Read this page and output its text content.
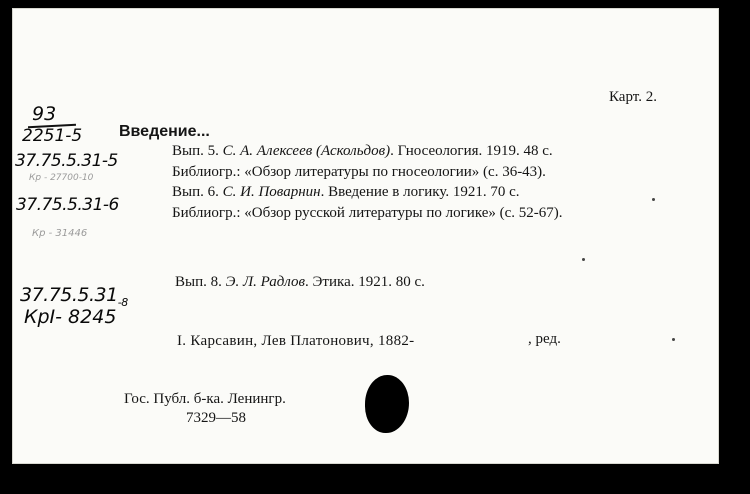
Карт. 2.
93
2251-5 Введение...
37.75.5.31-5
Кр - 27700-10
37.75.5.31-6
Кр - 31446
$37.75.5.31_{-8}$
КрI- 8245
Вып. 5. С. А. Алексеев (Аскольдов). Гносеология. 1919. 48 с.
Библиогр.: «Обзор литературы по гносеологии» (с. 36-43).
Вып. 6. С. И. Поварнин. Введение в логику. 1921. 70 с.
Библиогр.: «Обзор русской литературы по логике» (с. 52-67).
Вып. 8. Э. Л. Радлов. Этика. 1921. 80 с.
I. Карсавин, Лев Платонович, 1882-	, ред.
Гос. Публ. б-ка. Ленингр.
7329—58
